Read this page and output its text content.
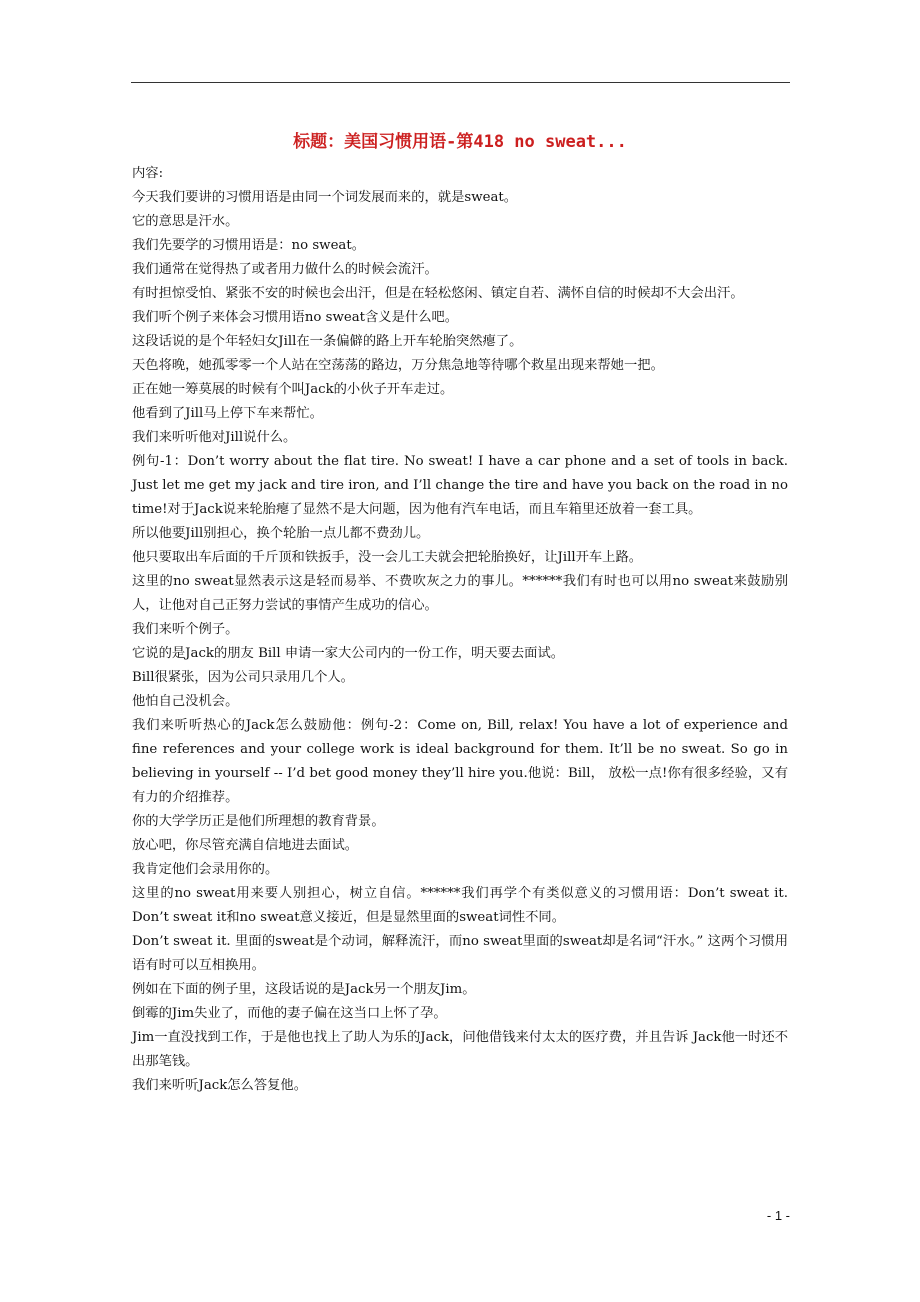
标题：美国习惯用语-第418 no sweat...

内容:

今天我们要讲的习惯用语是由同一个词发展而来的，就是sweat。

它的意思是汗水。

我们先要学的习惯用语是：no sweat。

我们通常在觉得热了或者用力做什么的时候会流汗。

有时担惊受怕、紧张不安的时候也会出汗，但是在轻松悠闲、镇定自若、满怀自信的时候却不大会出汗。

我们听个例子来体会习惯用语no sweat含义是什么吧。

这段话说的是个年轻妇女Jill在一条偏僻的路上开车轮胎突然瘪了。

天色将晚，她孤零零一个人站在空荡荡的路边，万分焦急地等待哪个救星出现来帮她一把。

正在她一筹莫展的时候有个叫Jack的小伙子开车走过。

他看到了Jill马上停下车来帮忙。

我们来听听他对Jill说什么。

例句-1：Don’t worry about the flat tire. No sweat! I have a car phone and a set of tools in back. Just let me get my jack and tire iron, and I’ll change the tire and have you back on the road in no time!对于Jack说来轮胎瘪了显然不是大问题，因为他有汽车电话，而且车箱里还放着一套工具。

所以他要Jill别担心，换个轮胎一点儿都不费劲儿。

他只要取出车后面的千斤顶和铁扳手，没一会儿工夫就会把轮胎换好，让Jill开车上路。

这里的no sweat显然表示这是轻而易举、不费吹灰之力的事儿。******我们有时也可以用no sweat来鼓励别人，让他对自己正努力尝试的事情产生成功的信心。

我们来听个例子。

它说的是Jack的朋友 Bill 申请一家大公司内的一份工作，明天要去面试。

Bill很紧张，因为公司只录用几个人。

他怕自己没机会。

我们来听听热心的Jack怎么鼓励他：例句-2：Come on, Bill, relax! You have a lot of experience and fine references and your college work is ideal background for them. It’ll be no sweat. So go in believing in yourself -- I’d bet good money they’ll hire you.他说：Bill， 放松一点!你有很多经验，又有有力的介绍推荐。

你的大学学历正是他们所理想的教育背景。

放心吧，你尽管充满自信地进去面试。

我肯定他们会录用你的。

这里的no sweat用来要人别担心，树立自信。******我们再学个有类似意义的习惯用语：Don’t sweat it. Don’t sweat it和no sweat意义接近，但是显然里面的sweat词性不同。

Don’t sweat it. 里面的sweat是个动词，解释流汗，而no sweat里面的sweat却是名词“汗水。” 这两个习惯用语有时可以互相换用。

例如在下面的例子里，这段话说的是Jack另一个朋友Jim。

倒霉的Jim失业了，而他的妻子偏在这当口上怀了孕。

Jim一直没找到工作，于是他也找上了助人为乐的Jack，问他借钱来付太太的医疗费，并且告诉 Jack他一时还不出那笔钱。

我们来听听Jack怎么答复他。

- 1 -
